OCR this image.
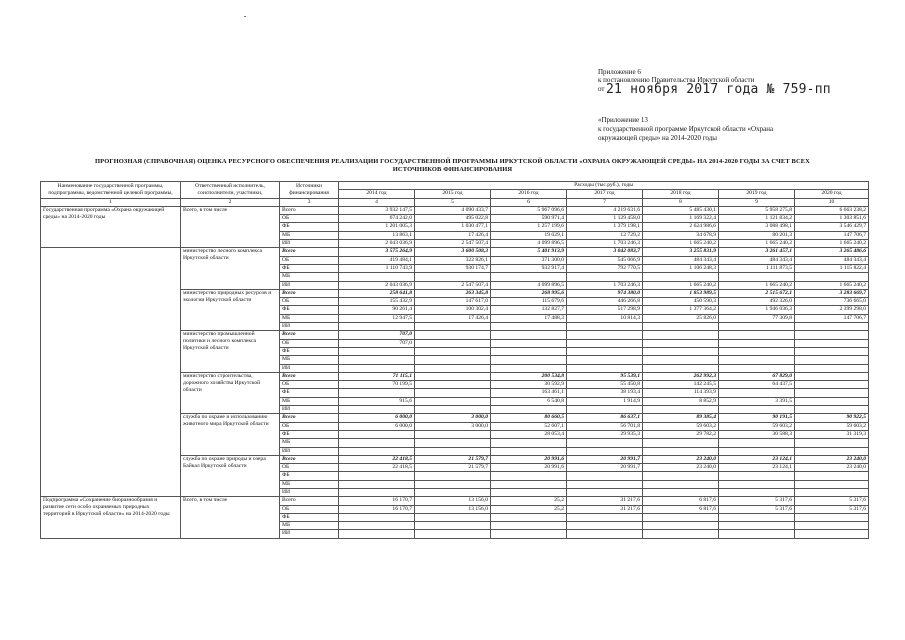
Приложение 6
к постановлению Правительства Иркутской области
от 21 ноября 2017 года № 759-пп
«Приложение 13
к государственной программе Иркутской области «Охрана
окружающей среды» на 2014-2020 годы
ПРОГНОЗНАЯ (СПРАВОЧНАЯ) ОЦЕНКА РЕСУРСНОГО ОБЕСПЕЧЕНИЯ РЕАЛИЗАЦИИ ГОСУДАРСТВЕННОЙ ПРОГРАММЫ ИРКУТСКОЙ ОБЛАСТИ «ОХРАНА ОКРУЖАЮЩЕЙ СРЕДЫ» НА 2014-2020 ГОДЫ ЗА СЧЕТ ВСЕХ
ИСТОЧНИКОВ ФИНАНСИРОВАНИЯ
Наименование государственной программы, подпрограммы, ведомственной целевой программы,	Ответственный исполнитель, соисполнители, участники,	Источники финансирования	Расходы (тыс.руб.), годы						
			2014 год	2015 год	2016 год	2017 год	2018 год	2019 год	2020 год
1	2	3	4	5	6	7	8	9	10
Государственная программа «Охрана окружающей среды» на 2014-2020 годы	Всего, в том числе	Всего	3 932 147,5	4 090 433,7	5 967 096,6	4 219 631,6	5 485 430,1	5 958 275,8	6 663 238,2
		ОБ	674 242,0	495 022,8	590 971,4	1 129 458,0	1 169 322,4	1 121 834,2	1 303 851,6
		ФБ	1 201 005,3	1 030 477,1	1 257 199,6	1 379 198,1	2 624 986,6	3 088 498,1	3 546 429,7
		МБ	13 863,1	17 426,4	19 029,1	12 729,2	34 678,9	80 201,3	147 706,7
		ИИ	2 043 036,9	2 547 507,4	4 099 896,5	1 703 246,3	1 665 240,2	1 665 240,2	1 665 240,2
	министерство лесного комплекса Иркутской области	Всего	3 575 264,9	3 600 508,3	5 401 913,9	3 042 083,7	3 255 831,9	3 261 457,1	3 265 486,6
		ОБ	419 484,1	322 826,1	371 300,0	545 066,9	484 343,4	484 343,4	484 343,4
		ФБ	1 110 743,9	930 174,7	932 917,4	792 770,5	1 106 248,3	1 111 873,5	1 115 822,4
		МБ							
		ИИ	2 043 036,9	2 547 507,4	4 099 896,5	1 703 246,3	1 665 240,2	1 665 240,2	1 665 240,2
	министерство природных ресурсов и экологии Иркутской области	Всего	258 641,8	263 345,8	268 995,6	974 380,0	1 853 989,5	2 515 672,1	3 283 669,7
		ОБ	155 432,9	147 617,0	115 679,6	446 266,8	450 590,3	492 326,0	736 665,0
		ФБ	90 261,4	100 302,4	132 827,7	517 298,9	1 377 364,2	1 946 036,3	2 399 298,0
		МБ	12 947,5	17 426,4	17 488,3	10 814,3	25 826,0	77 309,8	147 706,7
		ИИ							
	министерство промышленной политики и лесного комплекса Иркутской области	Всего	707,0						
		ОБ	707,0						
		ФБ							
		МБ							
		ИИ							
	министерство строительства, дорожного хозяйства Иркутской области	Всего	71 115,1		200 534,8	95 539,1	262 992,3	67 829,0	
		ОБ	70 199,5		30 592,9	55 450,8	142 245,5	64 437,5	
		ФБ			163 461,1	38 193,4	114 393,9		
		МБ	915,6		6 540,8	1 914,9	8 852,9	3 391,5	
		ИИ							
	служба по охране и использованию животного мира Иркутской области	Всего	6 000,0	3 000,0	80 660,5	86 637,1	89 385,4	90 191,5	90 922,5
		ОБ	6 000,0	3 000,0	52 607,1	56 701,8	59 603,2	59 603,2	59 603,2
		ФБ			28 053,4	29 935,3	29 782,2	30 588,3	31 319,3
		МБ							
		ИИ							
	служба по охране природы и озера Байкал Иркутской области	Всего	22 418,5	21 579,7	20 991,6	20 991,7	23 240,0	23 124,1	23 240,0
		ОБ	22 418,5	21 579,7	20 991,6	20 991,7	23 240,0	23 124,1	23 240,0
		ФБ							
		МБ							
		ИИ							
Подпрограмма «Сохранение биоразнообразия и развитие сети особо охраняемых природных территорий в Иркутской области» на 2014-2020 годы	Всего, в том числе	Всего	16 170,7	13 156,0	25,2	31 217,6	6 817,6	5 317,6	5 317,6
		ОБ	16 170,7	13 156,0	25,2	31 217,6	6 817,6	5 317,6	5 317,6
		ФБ							
		МБ							
		ИИ							
